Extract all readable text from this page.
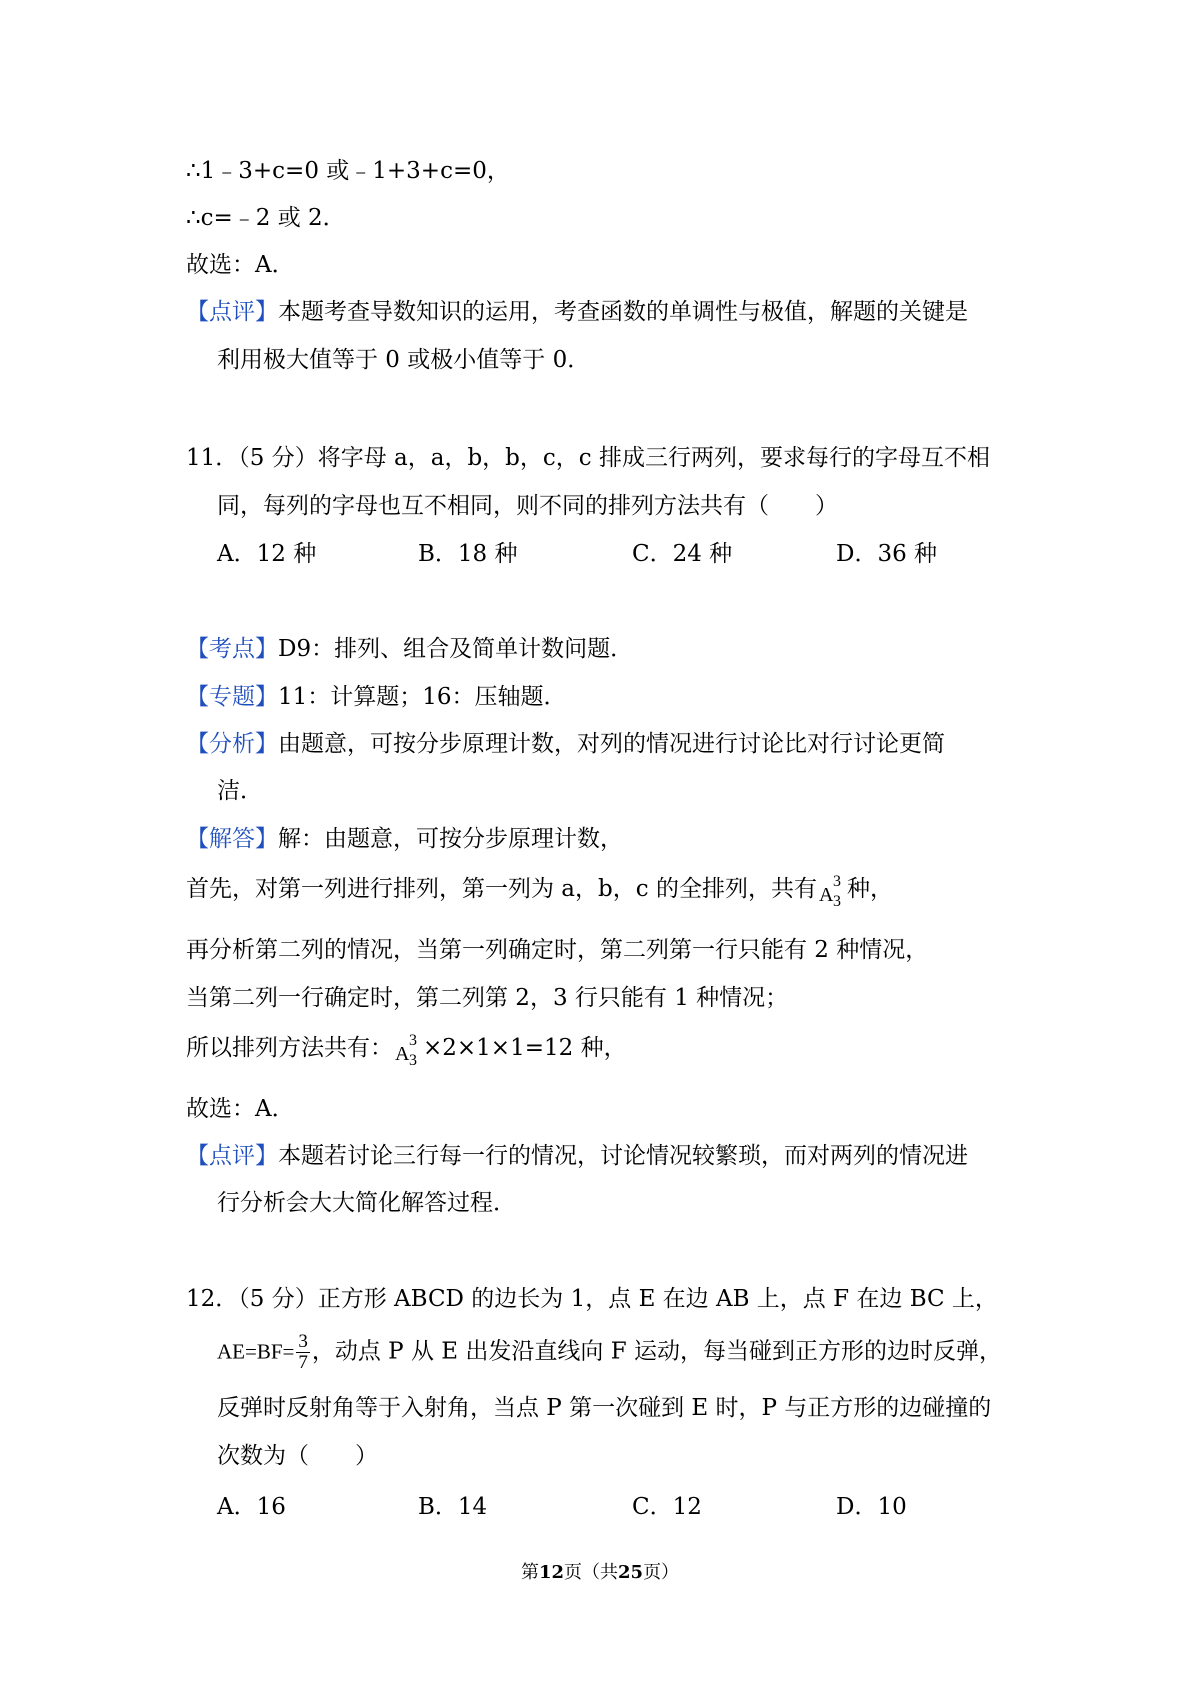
∴1﹣3+c=0 或﹣1+3+c=0，
∴c=﹣2 或 2．
故选：A．
【点评】本题考查导数知识的运用，考查函数的单调性与极值，解题的关键是
利用极大值等于 0 或极小值等于 0．
11．（5 分）将字母 a，a，b，b，c，c 排成三行两列，要求每行的字母互不相
同，每列的字母也互不相同，则不同的排列方法共有（　　）
A．12 种	B．18 种	C．24 种	D．36 种
【考点】D9：排列、组合及简单计数问题．
【专题】11：计算题；16：压轴题．
【分析】由题意，可按分步原理计数，对列的情况进行讨论比对行讨论更简
洁．
【解答】解：由题意，可按分步原理计数，
首先，对第一列进行排列，第一列为 a，b，c 的全排列，共有 A
3
3 种，
再分析第二列的情况，当第一列确定时，第二列第一行只能有 2 种情况，
当第二列一行确定时，第二列第 2，3 行只能有 1 种情况；
所以排列方法共有： A
3
3 ×2×1×1=12 种，
故选：A．
【点评】本题若讨论三行每一行的情况，讨论情况较繁琐，而对两列的情况进
行分析会大大简化解答过程．
12．（5 分）正方形 ABCD 的边长为 1，点 E 在边 AB 上，点 F 在边 BC 上，
$AE=BF= \frac{3}{7}$ ，动点 P 从 E 出发沿直线向 F 运动，每当碰到正方形的边时反弹，
反弹时反射角等于入射角，当点 P 第一次碰到 E 时，P 与正方形的边碰撞的
次数为（　　）
A．16	B．14	C．12	D．10
第12页（共25页）
